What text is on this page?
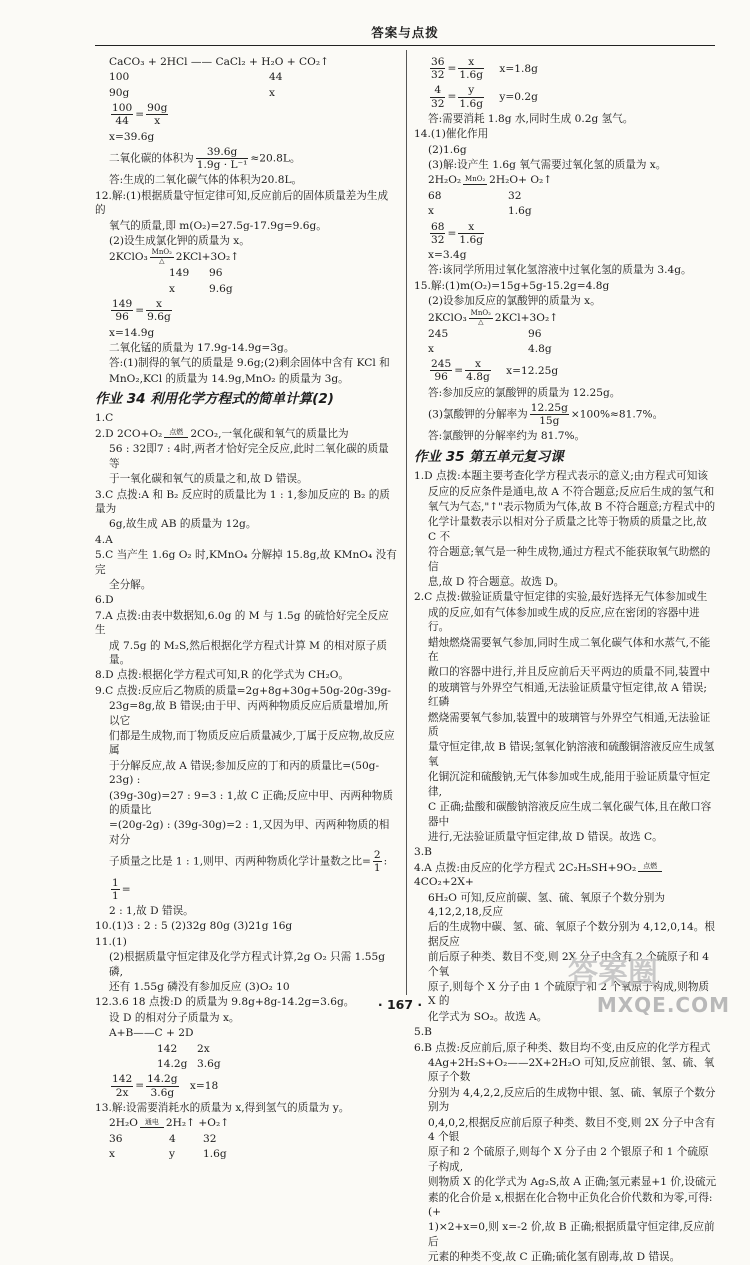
答案与点拨

CaCO₃ + 2HCl —— CaCl₂ + H₂O + CO₂↑

100	44

90g	x

$\frac{100}{44} = \frac{90g}{x}$

x=39.6g

二氧化碳的体积为 $\frac{39.6g}{\text{1.9g · L⁻¹}} \approx 20.8L$。

答:生成的二氧化碳气体的体积为20.8L。

12.解:(1)根据质量守恒定律可知,反应前后的固体质量差为生成的

氧气的质量,即 m(O₂)=27.5g-17.9g=9.6g。

(2)设生成氯化钾的质量为 x。

2KClO₃ MnO₂
△	2KCl+3O₂↑

149 96

x	9.6g

$\frac{149}{96} = \frac{x}{9.6g}$

x=14.9g

二氧化锰的质量为 17.9g-14.9g=3g。

答:(1)制得的氧气的质量是 9.6g;(2)剩余固体中含有 KCl 和

MnO₂,KCl 的质量为 14.9g,MnO₂ 的质量为 3g。

作业 34 利用化学方程式的简单计算(2)

1.C

2.D 2CO+O₂	点燃 2CO₂,一氧化碳和氧气的质量比为

56 : 32即7 : 4时,两者才恰好完全反应,此时二氧化碳的质量等

于一氧化碳和氧气的质量之和,故 D 错误。

3.C 点拨:A 和 B₂ 反应时的质量比为 1 : 1,参加反应的 B₂ 的质量为

6g,故生成 AB 的质量为 12g。

4.A

5.C 当产生 1.6g O₂ 时,KMnO₄ 分解掉 15.8g,故 KMnO₄ 没有完

全分解。

6.D

7.A 点拨:由表中数据知,6.0g 的 M 与 1.5g 的硫恰好完全反应生

成 7.5g 的 M₂S,然后根据化学方程式计算 M 的相对原子质量。

8.D 点拨:根据化学方程式可知,R 的化学式为 CH₂O。

9.C 点拨:反应后乙物质的质量=2g+8g+30g+50g-20g-39g-

23g=8g,故 B 错误;由于甲、丙两种物质反应后质量增加,所以它

们都是生成物,而丁物质反应后质量减少,丁属于反应物,故反应属

于分解反应,故 A 错误;参加反应的丁和丙的质量比=(50g-23g) :

(39g-30g)=27 : 9=3 : 1,故 C 正确;反应中甲、丙两种物质的质量比

=(20g-2g) : (39g-30g)=2 : 1,又因为甲、丙两种物质的相对分

子质量之比是 1 : 1,则甲、丙两种物质化学计量数之比= $\frac{2}{1}$ :
$\frac{1}{1}$ =

2 : 1,故 D 错误。

10.(1)3 : 2 : 5 (2)32g 80g (3)21g 16g

11.(1)

(2)根据质量守恒定律及化学方程式计算,2g O₂ 只需 1.55g 磷,

还有 1.55g 磷没有参加反应 (3)O₂ 10

12.3.6 18 点拨:D 的质量为 9.8g+8g-14.2g=3.6g。

设 D 的相对分子质量为 x。

A+B——C + 2D

142 2x

14.2g 3.6g

$\frac{142}{2x} = \frac{14.2g}{3.6g} x=18$

13.解:设需要消耗水的质量为 x,得到氢气的质量为 y。

2H₂O	通电 2H₂↑ +O₂↑

36	4	32

x	y	1.6g

$\frac{36}{32} = \frac{x}{1.6g} x=1.8g$

$\frac{4}{32} = \frac{y}{1.6g} y=0.2g$

答:需要消耗 1.8g 水,同时生成 0.2g 氢气。

14.(1)催化作用

(2)1.6g

(3)解:设产生 1.6g 氧气需要过氧化氢的质量为 x。

2H₂O₂ MnO₂ 2H₂O+ O₂↑

68	32

x	1.6g

$\frac{68}{32} = \frac{x}{1.6g}$

x=3.4g

答:该同学所用过氧化氢溶液中过氧化氢的质量为 3.4g。

15.解:(1)m(O₂)=15g+5g-15.2g=4.8g

(2)设参加反应的氯酸钾的质量为 x。

2KClO₃ MnO₂
△	2KCl+3O₂↑

245	96

x	4.8g

$\frac{245}{96} = \frac{x}{4.8g} x=12.25g$

答:参加反应的氯酸钾的质量为 12.25g。

(3)氯酸钾的分解率为 $\frac{12.25g}{15g} \times 100\%\approx 81.7\%$。

答:氯酸钾的分解率约为 81.7%。

作业 35 第五单元复习课

1.D 点拨:本题主要考查化学方程式表示的意义;由方程式可知该

反应的反应条件是通电,故 A 不符合题意;反应后生成的氢气和

氧气为气态,"↑"表示物质为气体,故 B 不符合题意;方程式中的

化学计量数表示以相对分子质量之比等于物质的质量之比,故 C 不

符合题意;氧气是一种生成物,通过方程式不能获取氧气助燃的信

息,故 D 符合题意。故选 D。

2.C 点拨:做验证质量守恒定律的实验,最好选择无气体参加或生

成的反应,如有气体参加或生成的反应,应在密闭的容器中进行。

蜡烛燃烧需要氧气参加,同时生成二氧化碳气体和水蒸气,不能在

敞口的容器中进行,并且反应前后天平两边的质量不同,装置中

的玻璃管与外界空气相通,无法验证质量守恒定律,故 A 错误;红磷

燃烧需要氧气参加,装置中的玻璃管与外界空气相通,无法验证质

量守恒定律,故 B 错误;氢氧化钠溶液和硫酸铜溶液反应生成氢氧

化铜沉淀和硫酸钠,无气体参加或生成,能用于验证质量守恒定律,

C 正确;盐酸和碳酸钠溶液反应生成二氧化碳气体,且在敞口容器中

进行,无法验证质量守恒定律,故 D 错误。故选 C。

3.B

4.A 点拨:由反应的化学方程式 2C₂H₅SH+9O₂	点燃
4CO₂+2X+

6H₂O 可知,反应前碳、氢、硫、氧原子个数分别为 4,12,2,18,反应

后的生成物中碳、氢、硫、氧原子个数分别为 4,12,0,14。根据反应

前后原子种类、数目不变,则 2X 分子中含有 2 个硫原子和 4 个氧

原子,则每个 X 分子由 1 个硫原子和 2 个氧原子构成,则物质 X 的

化学式为 SO₂。故选 A。

5.B

6.B 点拨:反应前后,原子种类、数目均不变,由反应的化学方程式

4Ag+2H₂S+O₂——2X+2H₂O 可知,反应前银、氢、硫、氧原子个数

分别为 4,4,2,2,反应后的生成物中银、氢、硫、氧原子个数分别为

0,4,0,2,根据反应前后原子种类、数目不变,则 2X 分子中含有 4 个银

原子和 2 个硫原子,则每个 X 分子由 2 个银原子和 1 个硫原子构成,

则物质 X 的化学式为 Ag₂S,故 A 正确;氢元素显+1 价,设硫元

素的化合价是 x,根据在化合物中正负化合价代数和为零,可得:(+

1)×2+x=0,则 x=-2 价,故 B 正确;根据质量守恒定律,反应前后

元素的种类不变,故 C 正确;硫化氢有剧毒,故 D 错误。

· 167 ·
答案圈
MXQE.COM
